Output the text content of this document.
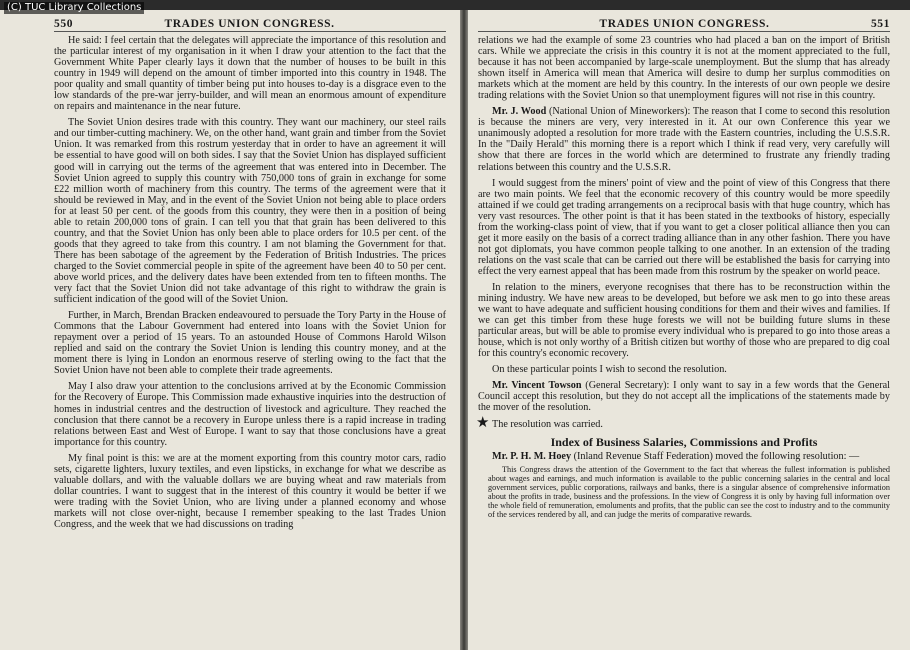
(C) TUC Library Collections
550	TRADES UNION CONGRESS.

He said: I feel certain that the delegates will appreciate the importance of this resolution and the particular interest of my organisation in it when I draw your attention to the fact that the Government White Paper clearly lays it down that the number of houses to be built in this country in 1949 will depend on the amount of timber imported into this country in 1948. The poor quality and small quantity of timber being put into houses to-day is a disgrace even to the low standards of the pre-war jerry-builder, and will mean an enormous amount of expenditure on repairs and maintenance in the near future.

The Soviet Union desires trade with this country. They want our machinery, our steel rails and our timber-cutting machinery. We, on the other hand, want grain and timber from the Soviet Union. It was remarked from this rostrum yesterday that in order to have an agreement it will be essential to have good will on both sides. I say that the Soviet Union has displayed sufficient good will in carrying out the terms of the agreement that was entered into in December. The Soviet Union agreed to supply this country with 750,000 tons of grain in exchange for some £22 million worth of machinery from this country. The terms of the agreement were that it should be reviewed in May, and in the event of the Soviet Union not being able to place orders for at least 50 per cent. of the goods from this country, they were then in a position of being able to retain 200,000 tons of grain. I can tell you that that grain has been delivered to this country, and that the Soviet Union has only been able to place orders for 10.5 per cent. of the goods that they agreed to take from this country. I am not blaming the Government for that. There has been sabotage of the agreement by the Federation of British Industries. The prices charged to the Soviet commercial people in spite of the agreement have been 40 to 50 per cent. above world prices, and the delivery dates have been extended from ten to fifteen months. The very fact that the Soviet Union did not take advantage of this right to withdraw the grain is sufficient indication of the good will of the Soviet Union.

Further, in March, Brendan Bracken endeavoured to persuade the Tory Party in the House of Commons that the Labour Government had entered into loans with the Soviet Union for repayment over a period of 15 years. To an astounded House of Commons Harold Wilson replied and said on the contrary the Soviet Union is lending this country money, and at the moment there is lying in London an enormous reserve of sterling owing to the fact that the Soviet Union have not been able to complete their trade agreements.

May I also draw your attention to the conclusions arrived at by the Economic Commission for the Recovery of Europe. This Commission made exhaustive inquiries into the destruction of homes in industrial centres and the destruction of livestock and agriculture. They reached the conclusion that there cannot be a recovery in Europe unless there is a rapid increase in trading relations between East and West of Europe. I want to say that those conclusions have a great importance for this country.

My final point is this: we are at the moment exporting from this country motor cars, radio sets, cigarette lighters, luxury textiles, and even lipsticks, in exchange for what we describe as valuable dollars, and with the valuable dollars we are buying wheat and raw materials from dollar countries. I want to suggest that in the interest of this country it would be better if we were trading with the Soviet Union, who are living under a planned economy and whose markets will not close over-night, because I remember speaking to the last Trades Union Congress, and the week that we had discussions on trading

TRADES UNION CONGRESS.	551

relations we had the example of some 23 countries who had placed a ban on the import of British cars. While we appreciate the crisis in this country it is not at the moment appreciated to the full, because it has not been accompanied by large-scale unemployment. But the slump that has already shown itself in America will mean that America will desire to dump her surplus commodities on markets which at the moment are held by this country. In the interests of our own people we desire trading relations with the Soviet Union so that unemployment figures will not rise in this country.

Mr. J. Wood (National Union of Mineworkers): The reason that I come to second this resolution is because the miners are very, very interested in it. At our own Conference this year we unanimously adopted a resolution for more trade with the Eastern countries, including the U.S.S.R. In the "Daily Herald" this morning there is a report which I think if read very, very carefully will show that there are forces in the world which are determined to frustrate any friendly trading relations between this country and the U.S.S.R.

I would suggest from the miners' point of view and the point of view of this Congress that there are two main points. We feel that the economic recovery of this country would be more speedily attained if we could get trading arrangements on a reciprocal basis with that huge country, which has very vast resources. The other point is that it has been stated in the textbooks of history, especially from the working-class point of view, that if you want to get a closer political alliance then you can get it more easily on the basis of a correct trading alliance than in any other fashion. There you have not got diplomats, you have common people talking to one another. In an extension of the trading relations on the vast scale that can be carried out there will be established the basis for carrying into effect the very earnest appeal that has been made from this rostrum by the speaker on world peace.

In relation to the miners, everyone recognises that there has to be reconstruction within the mining industry. We have new areas to be developed, but before we ask men to go into these areas we want to have adequate and sufficient housing conditions for them and their wives and families. If we can get this timber from these huge forests we will not be building future slums in these particular areas, but will be able to promise every individual who is prepared to go into those areas a house, which is not only worthy of a British citizen but worthy of those who are prepared to dig coal for this country's economic recovery.

On these particular points I wish to second the resolution.

Mr. Vincent Towson (General Secretary): I only want to say in a few words that the General Council accept this resolution, but they do not accept all the implications of the statements made by the mover of the resolution.

★ The resolution was carried.

Index of Business Salaries, Commissions and Profits

Mr. P. H. M. Hoey (Inland Revenue Staff Federation) moved the following resolution: —

This Congress draws the attention of the Government to the fact that whereas the fullest information is published about wages and earnings, and much information is available to the public concerning salaries in the central and local government services, public corporations, railways and banks, there is a singular absence of comprehensive information about the profits in trade, business and the professions. In the view of Congress it is only by having full information over the whole field of remuneration, emoluments and profits, that the public can see the cost to industry and to the community of the services rendered by all, and can judge the merits of comparative rewards.
